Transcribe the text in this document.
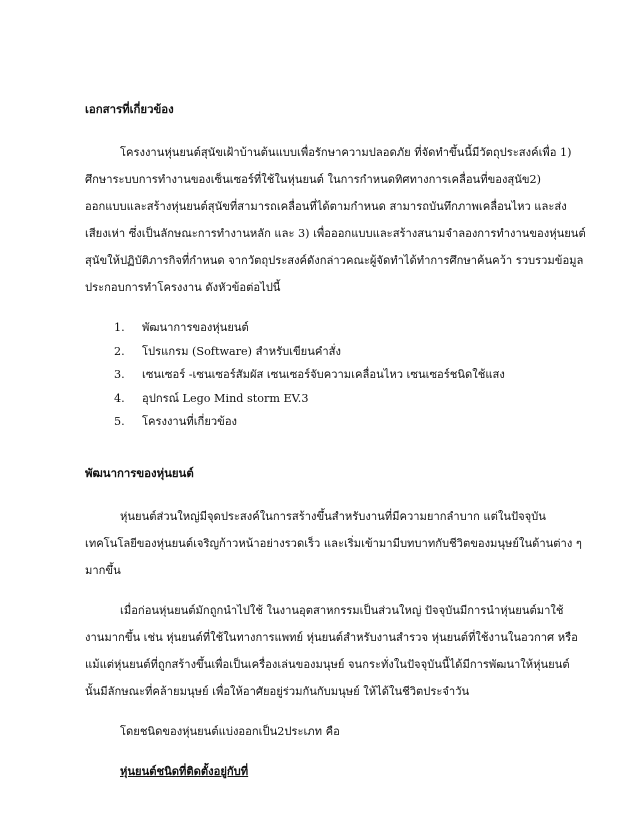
เอกสารที่เกี่ยวข้อง
โครงงานหุ่นยนต์สุนัขเฝ้าบ้านต้นแบบเพื่อรักษาความปลอดภัย ที่จัดทำขึ้นนี้มีวัตถุประสงค์เพื่อ 1)
ศึกษาระบบการทำงานของเซ็นเซอร์ที่ใช้ในหุ่นยนต์ ในการกำหนดทิศทางการเคลื่อนที่ของสุนัข2)
ออกแบบและสร้างหุ่นยนต์สุนัขที่สามารถเคลื่อนที่ได้ตามกำหนด สามารถบันทึกภาพเคลื่อนไหว และส่ง
เสียงเห่า ซึ่งเป็นลักษณะการทำงานหลัก และ 3) เพื่อออกแบบและสร้างสนามจำลองการทำงานของหุ่นยนต์
สุนัขให้ปฏิบัติภารกิจที่กำหนด จากวัตถุประสงค์ดังกล่าวคณะผู้จัดทำได้ทำการศึกษาค้นคว้า รวบรวมข้อมูล
ประกอบการทำโครงงาน ดังหัวข้อต่อไปนี้
1. พัฒนาการของหุ่นยนต์
2. โปรแกรม (Software) สำหรับเขียนคำสั่ง
3. เซนเซอร์ -เซนเซอร์สัมผัส เซนเซอร์จับความเคลื่อนไหว เซนเซอร์ชนิดใช้แสง
4. อุปกรณ์ Lego Mind storm EV.3
5. โครงงานที่เกี่ยวข้อง
พัฒนาการของหุ่นยนต์
หุ่นยนต์ส่วนใหญ่มีจุดประสงค์ในการสร้างขึ้นสำหรับงานที่มีความยากลำบาก แต่ในปัจจุบัน
เทคโนโลยีของหุ่นยนต์เจริญก้าวหน้าอย่างรวดเร็ว และเริ่มเข้ามามีบทบาทกับชีวิตของมนุษย์ในด้านต่าง ๆ
มากขึ้น
เมื่อก่อนหุ่นยนต์มักถูกนำไปใช้ ในงานอุตสาหกรรมเป็นส่วนใหญ่ ปัจจุบันมีการนำหุ่นยนต์มาใช้
งานมากขึ้น เช่น หุ่นยนต์ที่ใช้ในทางการแพทย์ หุ่นยนต์สำหรับงานสำรวจ หุ่นยนต์ที่ใช้งานในอวกาศ หรือ
แม้แต่หุ่นยนต์ที่ถูกสร้างขึ้นเพื่อเป็นเครื่องเล่นของมนุษย์ จนกระทั่งในปัจจุบันนี้ได้มีการพัฒนาให้หุ่นยนต์
นั้นมีลักษณะที่คล้ายมนุษย์ เพื่อให้อาศัยอยู่ร่วมกันกับมนุษย์ ให้ได้ในชีวิตประจำวัน
โดยชนิดของหุ่นยนต์แบ่งออกเป็น2ประเภท คือ
หุ่นยนต์ชนิดที่ติดตั้งอยู่กับที่
